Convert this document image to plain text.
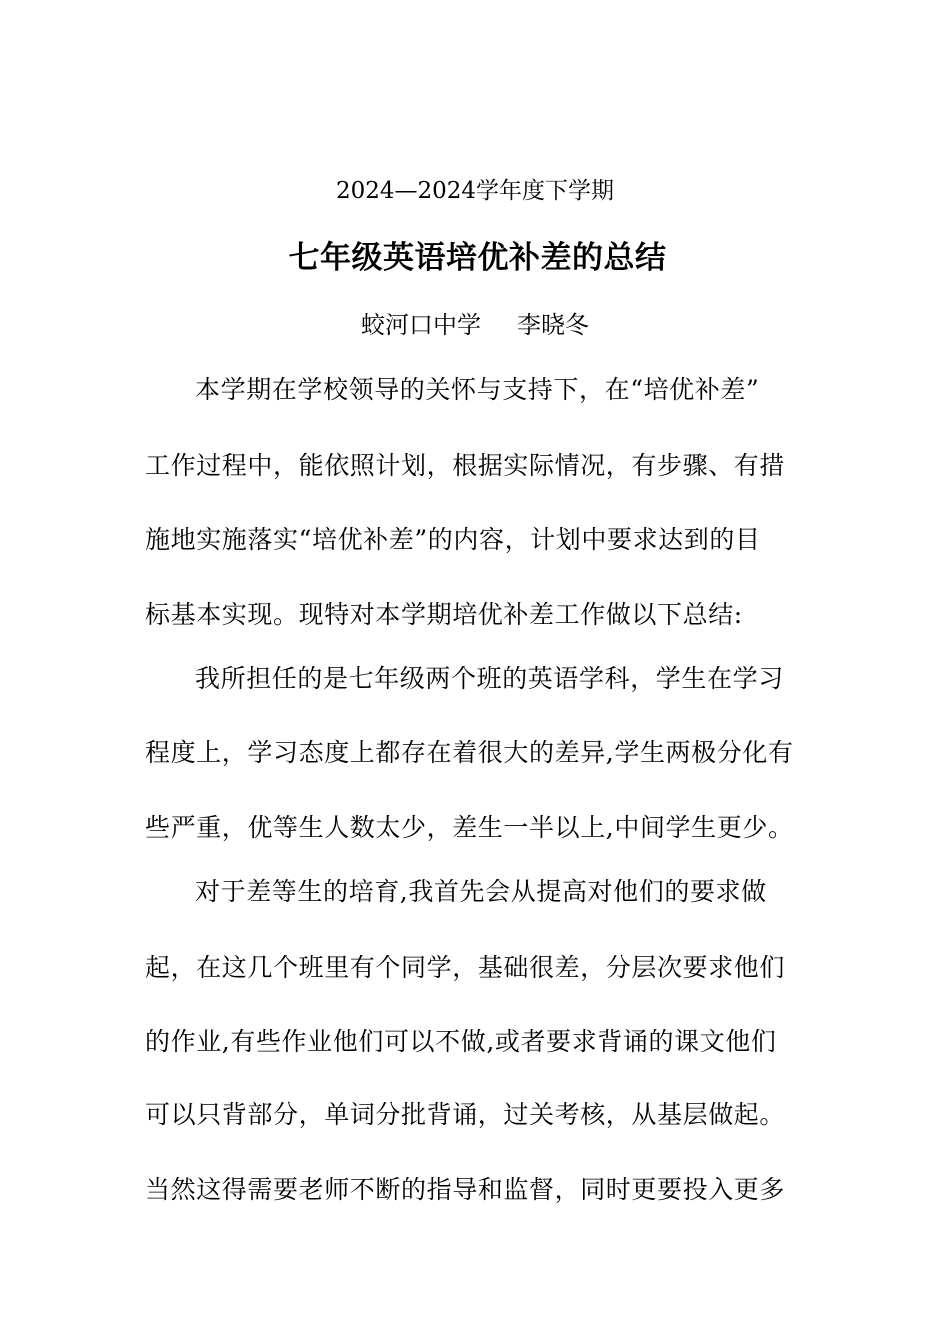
2024—2024学年度下学期
七年级英语培优补差的总结
蛟河口中学 李晓冬
本学期在学校领导的关怀与支持下，在“培优补差”
工作过程中，能依照计划，根据实际情况，有步骤、有措
施地实施落实“培优补差”的内容，计划中要求达到的目
标基本实现。现特对本学期培优补差工作做以下总结:
我所担任的是七年级两个班的英语学科，学生在学习
程度上，学习态度上都存在着很大的差异,学生两极分化有
些严重，优等生人数太少，差生一半以上,中间学生更少。
对于差等生的培育,我首先会从提高对他们的要求做
起，在这几个班里有个同学，基础很差，分层次要求他们
的作业,有些作业他们可以不做,或者要求背诵的课文他们
可以只背部分，单词分批背诵，过关考核，从基层做起。
当然这得需要老师不断的指导和监督，同时更要投入更多
